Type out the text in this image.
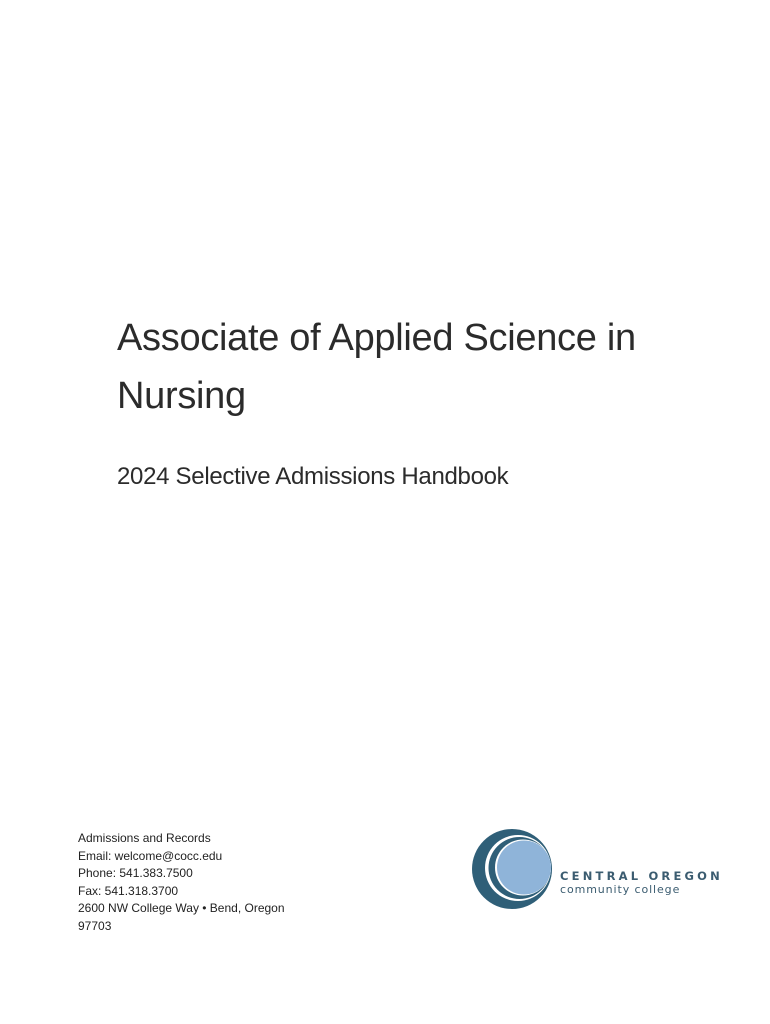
Associate of Applied Science in Nursing
2024 Selective Admissions Handbook
Admissions and Records
Email: welcome@cocc.edu
Phone: 541.383.7500
Fax: 541.318.3700
2600 NW College Way • Bend, Oregon
97703
CENTRAL OREGON
community college
